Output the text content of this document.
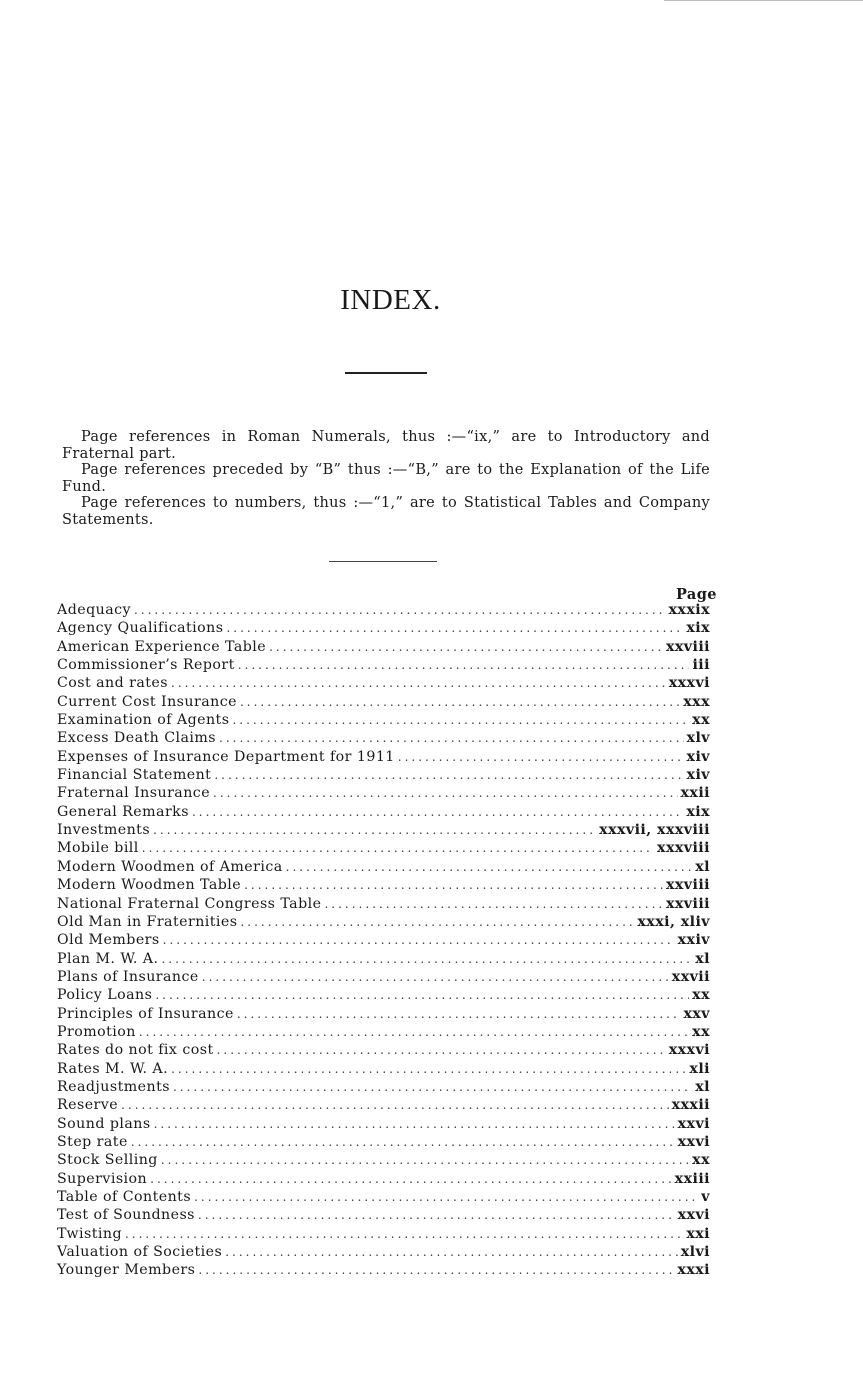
INDEX.

Page references in Roman Numerals, thus :—“ix,” are to Introductory and Fraternal part.

Page references preceded by “B” thus :—“B,” are to the Explanation of the Life Fund.

Page references to numbers, thus :—“1,” are to Statistical Tables and Company Statements.

Page
Adequacy .....	xxxix
Agency Qualifications .....	xix
American Experience Table .....	xxviii
Commissioner’s Report .....	iii
Cost and rates .....	xxxvi
Current Cost Insurance .....	xxx
Examination of Agents .....	xx
Excess Death Claims .....	xlv
Expenses of Insurance Department for 1911 .....	xiv
Financial Statement .....	xiv
Fraternal Insurance .....	xxii
General Remarks .....	xix
Investments .....	xxxvii, xxxviii
Mobile bill .....	xxxviii
Modern Woodmen of America .....	xl
Modern Woodmen Table .....	xxviii
National Fraternal Congress Table .....	xxviii
Old Man in Fraternities .....	xxxi, xliv
Old Members .....	xxiv
Plan M. W. A. .....	xl
Plans of Insurance .....	xxvii
Policy Loans .....	xx
Principles of Insurance .....	xxv
Promotion .....	xx
Rates do not fix cost .....	xxxvi
Rates M. W. A. .....	xli
Readjustments .....	xl
Reserve .....	xxxii
Sound plans .....	xxvi
Step rate .....	xxvi
Stock Selling .....	xx
Supervision .....	xxiii
Table of Contents .....	v
Test of Soundness .....	xxvi
Twisting .....	xxi
Valuation of Societies .....	xlvi
Younger Members .....	xxxi
